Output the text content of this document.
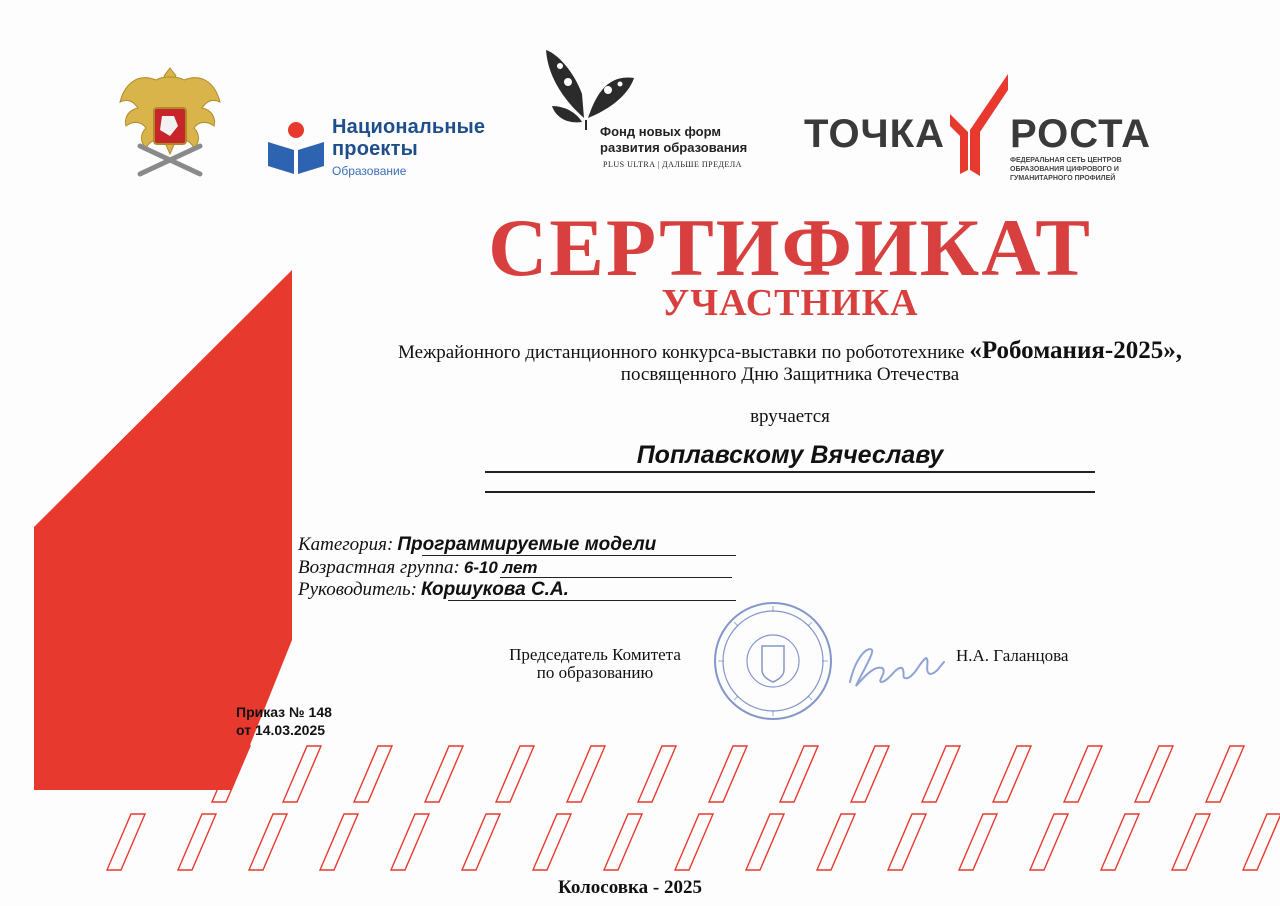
Национальные
проекты
Образование
Фонд новых форм
развития образования
PLUS ULTRA | ДАЛЬШЕ ПРЕДЕЛА
ТОЧКА РОСТА
ФЕДЕРАЛЬНАЯ СЕТЬ ЦЕНТРОВ ОБРАЗОВАНИЯ ЦИФРОВОГО И ГУМАНИТАРНОГО ПРОФИЛЕЙ
СЕРТИФИКАТ
УЧАСТНИКА
Межрайонного дистанционного конкурса-выставки по робототехнике «Робомания-2025»,
посвященного Дню Защитника Отечества
вручается
Поплавскому Вячеславу
Категория: Программируемые модели
Возрастная группа: 6-10 лет
Руководитель: Коршукова С.А.
Председатель Комитета
по образованию
Н.А. Галанцова
Приказ № 148
от 14.03.2025
Колосовка - 2025
